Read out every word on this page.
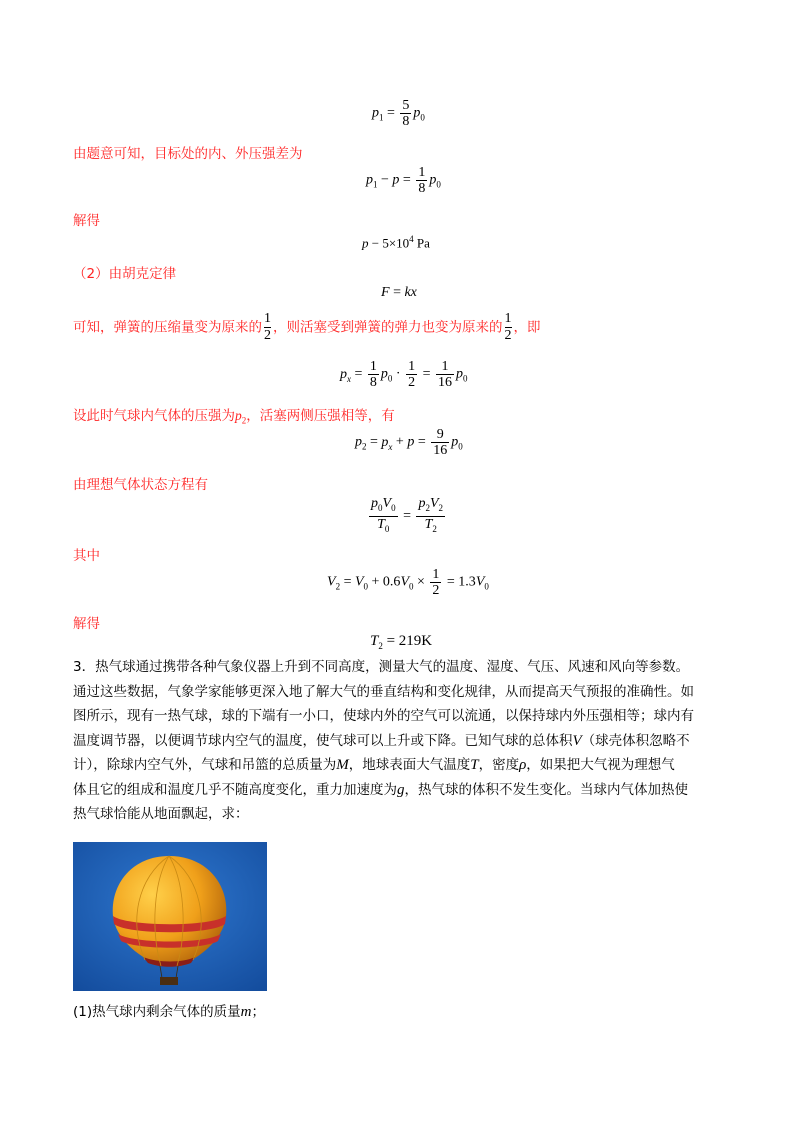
$p_1 = \frac{5}{8} p_0$
由题意可知，目标处的内、外压强差为
$p_1 - p = \frac{1}{8} p_0$
解得
$p - 5\times 10^4$ Pa
（2）由胡克定律
F = kx
可知，弹簧的压缩量变为原来的 $\frac{1}{2}$ ，则活塞受到弹簧的弹力也变为原来的 $\frac{1}{2}$ ，即
$p_x = \frac{1}{8} p_0 \cdot \frac{1}{2} = \frac{1}{16} p_0$
设此时气球内气体的压强为$p_2$，活塞两侧压强相等，有
$p_2 = p_x + p = \frac{9}{16} p_0$
由理想气体状态方程有
$\frac{p_0V_0}{T_0} = \frac{p_2V_2}{T_2}$
其中
$V_2 = V_0 + 0.6V_0 \times \frac{1}{2} = 1.3V_0$
解得
$T_2 = 219K$
3．热气球通过携带各种气象仪器上升到不同高度，测量大气的温度、湿度、气压、风速和风向等参数。
通过这些数据，气象学家能够更深入地了解大气的垂直结构和变化规律，从而提高天气预报的准确性。如
图所示，现有一热气球，球的下端有一小口，使球内外的空气可以流通，以保持球内外压强相等；球内有
温度调节器，以便调节球内空气的温度，使气球可以上升或下降。已知气球的总体积V（球壳体积忽略不
计），除球内空气外，气球和吊篮的总质量为M，地球表面大气温度T，密度ρ，如果把大气视为理想气
体且它的组成和温度几乎不随高度变化，重力加速度为g，热气球的体积不发生变化。当球内气体加热使
热气球恰能从地面飘起，求：
(1)热气球内剩余气体的质量m；
